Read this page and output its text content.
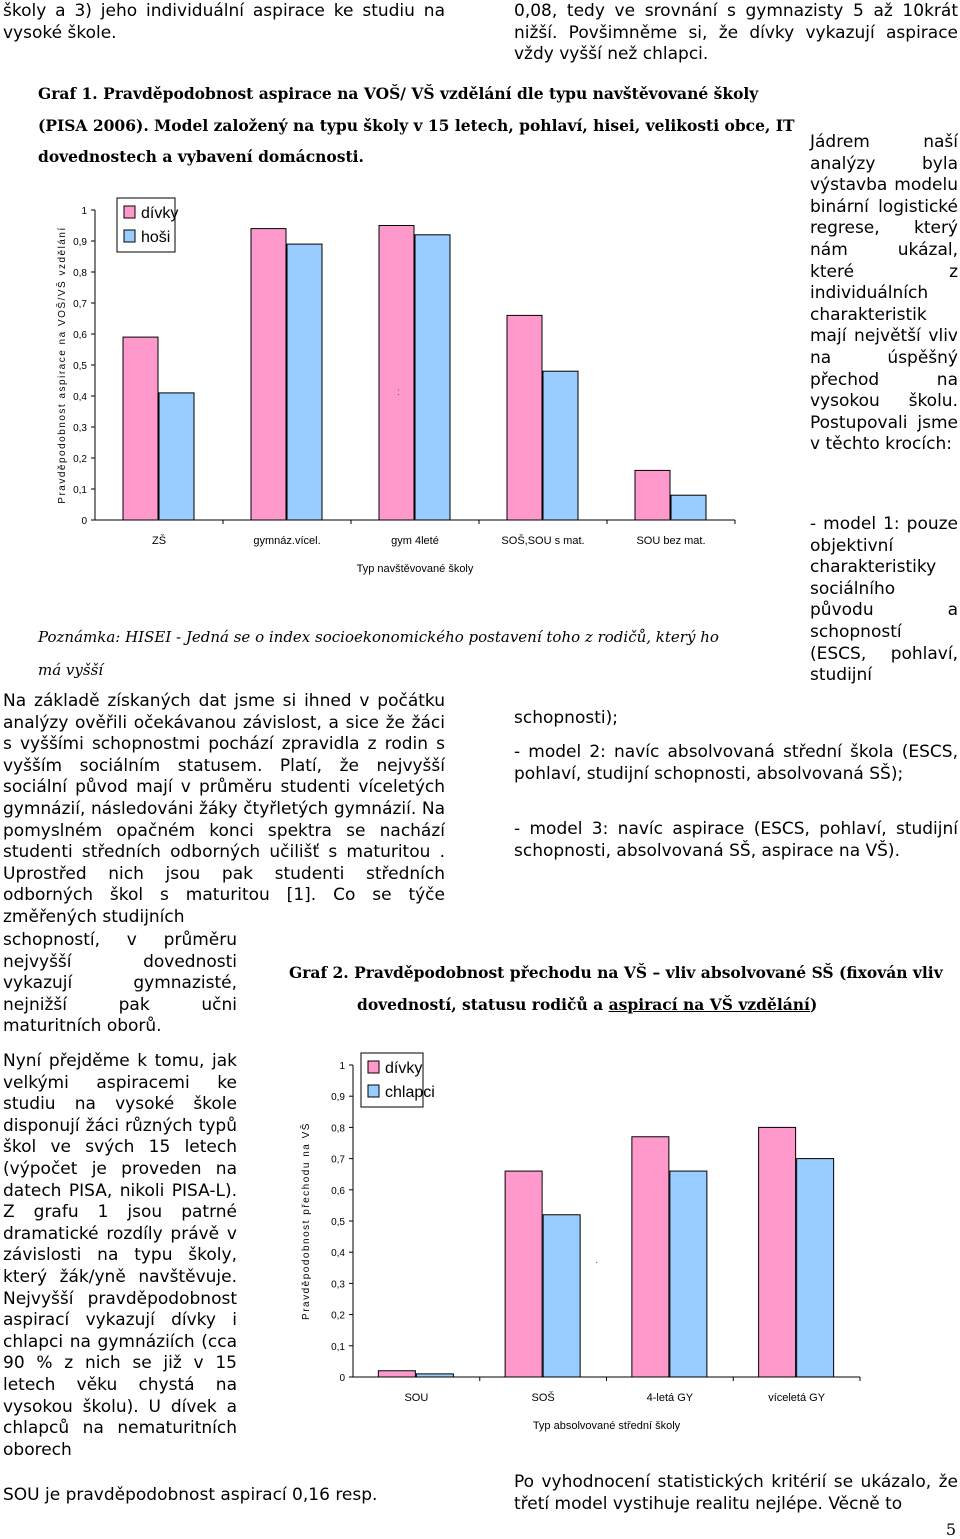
školy a 3) jeho individuální aspirace ke studiu na vysoké škole.
Na základě získaných dat jsme si ihned v počátku analýzy ověřili očekávanou závislost, a sice že žáci s vyššími schopnostmi pochází zpravidla z rodin s vyšším sociálním statusem. Platí, že nejvyšší sociální původ mají v průměru studenti víceletých gymnázií, následováni žáky čtyřletých gymnázií. Na pomyslném opačném konci spektra se nachází studenti středních odborných učilišť s maturitou . Uprostřed nich jsou pak studenti středních odborných škol s maturitou [1]. Co se týče změřených studijních
schopností, v průměru nejvyšší dovednosti vykazují gymnazisté, nejnižší pak učni maturitních oborů.
Nyní přejděme k tomu, jak velkými aspiracemi ke studiu na vysoké škole disponují žáci různých typů škol ve svých 15 letech (výpočet je proveden na datech PISA, nikoli PISA-L). Z grafu 1 jsou patrné dramatické rozdíly právě v závislosti na typu školy, který žák/yně navštěvuje. Nejvyšší pravděpodobnost aspirací vykazují dívky i chlapci na gymnáziích (cca 90 % z nich se již v 15 letech věku chystá na vysokou školu). U dívek a chlapců na nematuritních oborech
SOU je pravděpodobnost aspirací 0,16 resp.
0,08, tedy ve srovnání s gymnazisty 5 až 10krát nižší. Povšimněme si, že dívky vykazují aspirace vždy vyšší než chlapci.
Jádrem naší analýzy byla výstavba modelu binární logistické regrese, který nám ukázal, které z individuálních charakteristik mají největší vliv na úspěšný přechod na vysokou školu. Postupovali jsme v těchto krocích:
- model 1: pouze objektivní charakteristiky sociálního původu a schopností (ESCS, pohlaví, studijní
schopnosti);
- model 2: navíc absolvovaná střední škola (ESCS, pohlaví, studijní schopnosti, absolvovaná SŠ);
- model 3: navíc aspirace (ESCS, pohlaví, studijní schopnosti, absolvovaná SŠ, aspirace na VŠ).
Po vyhodnocení statistických kritérií se ukázalo, že třetí model vystihuje realitu nejlépe. Věcně to
5
Graf 1. Pravděpodobnost aspirace na VOŠ/ VŠ vzdělání dle typu navštěvované školy
(PISA 2006). Model založený na typu školy v 15 letech, pohlaví, hisei, velikosti obce, IT
dovednostech a vybavení domácnosti.
Poznámka: HISEI - Jedná se o index socioekonomického postavení toho z rodičů, který ho
má vyšší
Graf 2. Pravděpodobnost přechodu na VŠ – vliv absolvované SŠ (fixován vliv
dovedností, statusu rodičů a aspirací na VŠ vzdělání)
0
0,1
0,2
0,3
0,4
0,5
0,6
0,7
0,8
0,9
1
ZŠ	gymnáz.vícel.	gym 4leté	SOŠ,SOU s mat.	SOU bez mat.
Typ navštěvované školy
Pravděpodobnost aspirace na VOŠ/VŠ vzdělání	:
dívky
hoši
0
0,1
0,2
0,3
0,4
0,5
0,6
0,7
0,8
0,9
1
SOU	SOŠ	4-letá GY	víceletá GY
Typ absolvované střední školy
Pravděpodobnost přechodu na VŠ	·
dívky
chlapci
